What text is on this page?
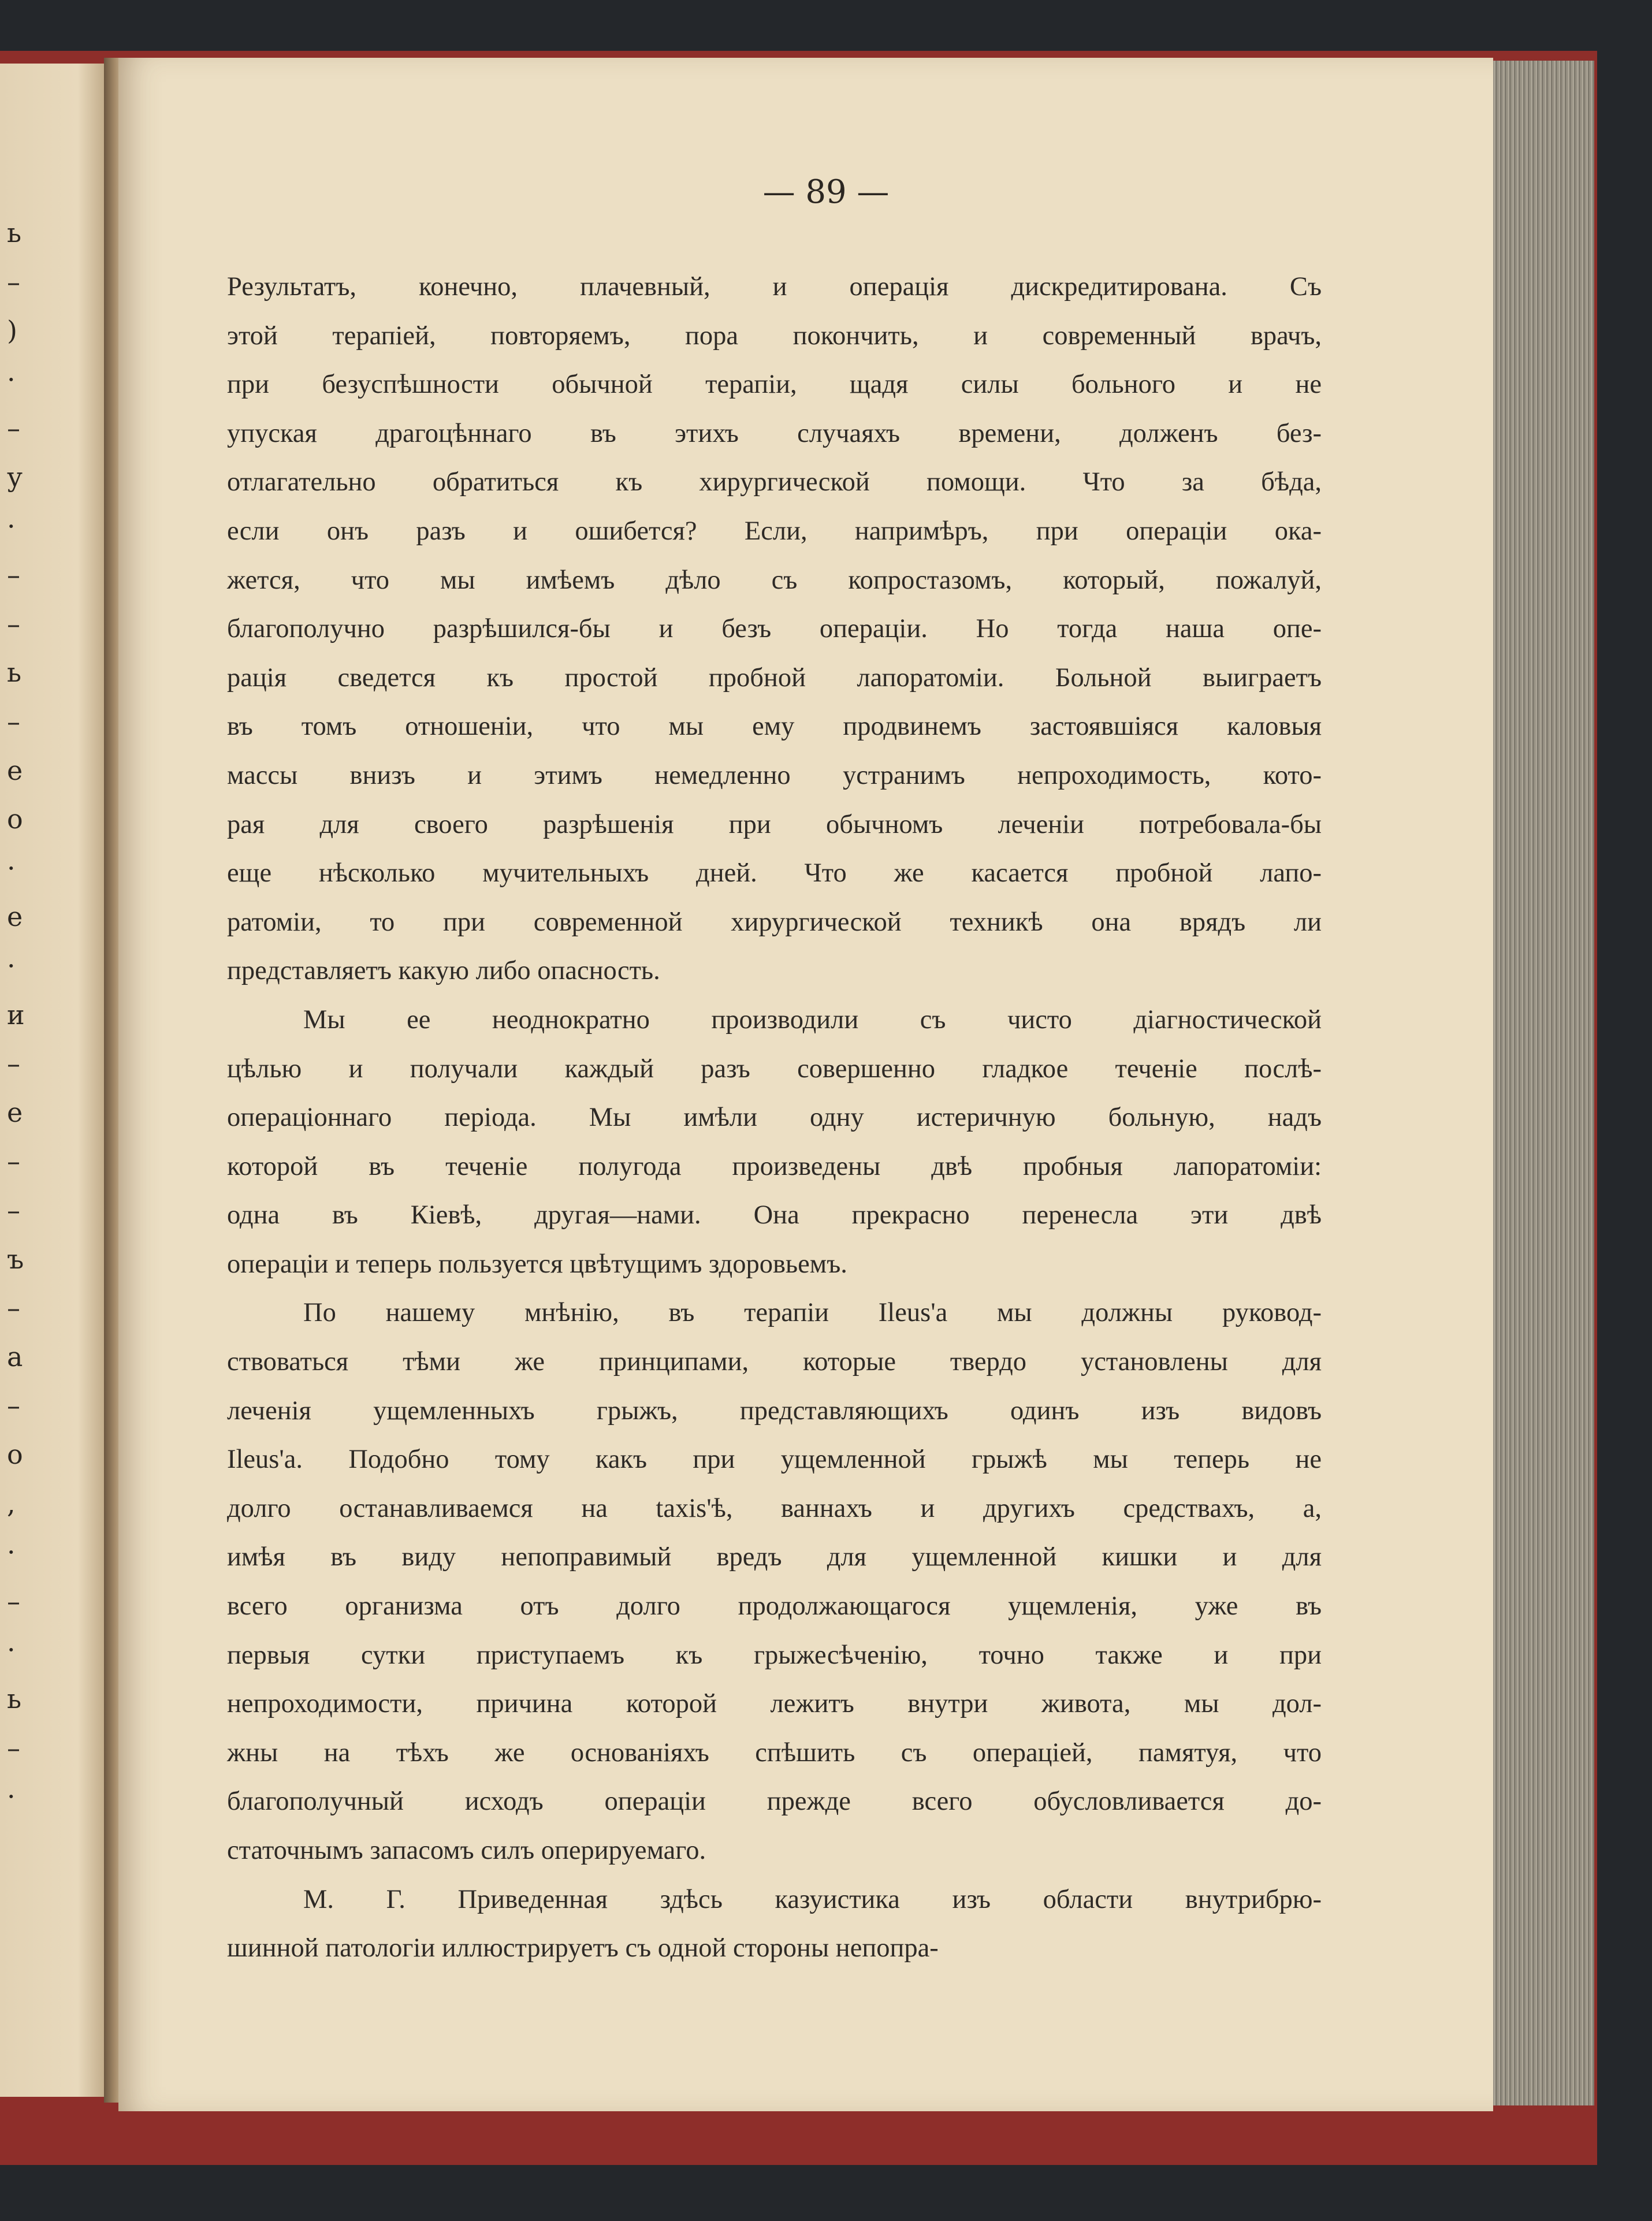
ь
–
)
·
–
у
·
–
–
ь
–
е
о
·
е
·
и
–
е
–
–
ъ
–
а
–
о
,
·
–
·
ь
–
·
— 89 —
Результатъ, конечно, плачевный, и операція дискредитирована. Съ
этой терапіей, повторяемъ, пора покончить, и современный врачъ,
при безуспѣшности обычной терапіи, щадя силы больного и не
упуская драгоцѣннаго въ этихъ случаяхъ времени, долженъ без-
отлагательно обратиться къ хирургической помощи. Что за бѣда,
если онъ разъ и ошибется? Если, напримѣръ, при операціи ока-
жется, что мы имѣемъ дѣло съ копростазомъ, который, пожалуй,
благополучно разрѣшился-бы и безъ операціи. Но тогда наша опе-
рація сведется къ простой пробной лапоратоміи. Больной выиграетъ
въ томъ отношеніи, что мы ему продвинемъ застоявшіяся каловыя
массы внизъ и этимъ немедленно устранимъ непроходимость, кото-
рая для своего разрѣшенія при обычномъ леченіи потребовала-бы
еще нѣсколько мучительныхъ дней. Что же касается пробной лапо-
ратоміи, то при современной хирургической техникѣ она врядъ ли
представляетъ какую либо опасность.
Мы ее неоднократно производили съ чисто діагностической
цѣлью и получали каждый разъ совершенно гладкое теченіе послѣ-
операціоннаго періода. Мы имѣли одну истеричную больную, надъ
которой въ теченіе полугода произведены двѣ пробныя лапоратоміи:
одна въ Кіевѣ, другая—нами. Она прекрасно перенесла эти двѣ
операціи и теперь пользуется цвѣтущимъ здоровьемъ.
По нашему мнѣнію, въ терапіи Ileus'а мы должны руковод-
ствоваться тѣми же принципами, которые твердо установлены для
леченія ущемленныхъ грыжъ, представляющихъ одинъ изъ видовъ
Ileus'а. Подобно тому какъ при ущемленной грыжѣ мы теперь не
долго останавливаемся на taxis'ѣ, ваннахъ и другихъ средствахъ, а,
имѣя въ виду непоправимый вредъ для ущемленной кишки и для
всего организма отъ долго продолжающагося ущемленія, уже въ
первыя сутки приступаемъ къ грыжесѣченію, точно также и при
непроходимости, причина которой лежитъ внутри живота, мы дол-
жны на тѣхъ же основаніяхъ спѣшить съ операціей, памятуя, что
благополучный исходъ операціи прежде всего обусловливается до-
статочнымъ запасомъ силъ оперируемаго.
М. Г. Приведенная здѣсь казуистика изъ области внутрибрю-
шинной патологіи иллюстрируетъ съ одной стороны непопра-
